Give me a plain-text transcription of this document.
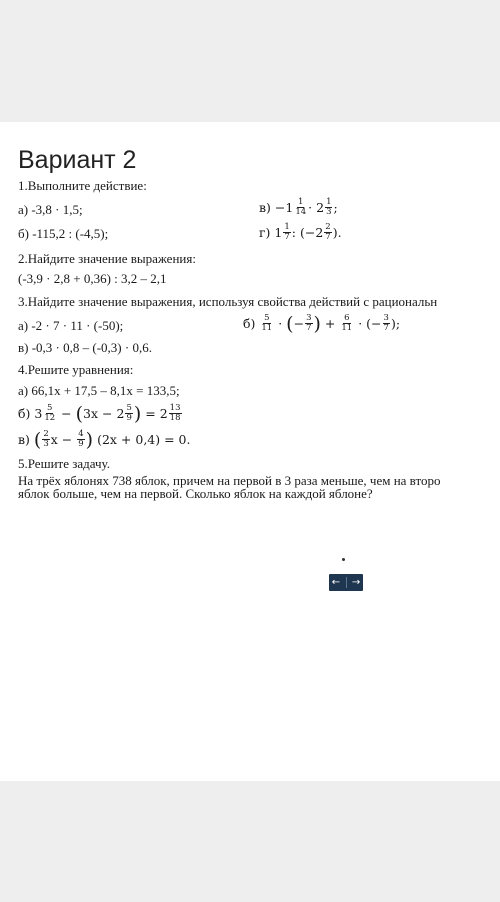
Вариант 2
1.Выполните действие:
а) -3,8 · 1,5;
б) -115,2 : (-4,5);
$в) -1 \frac{1}{14} \cdot 2 \frac{1}{3}$ ;
г) $1 \frac{1}{7}$ : ($-2 \frac{2}{7}$ ).
2.Найдите значение выражения:
(-3,9 · 2,8 + 0,36) : 3,2 – 2,1
3.Найдите значение выражения, используя свойства действий с рациональн
а) -2 · 7 · 11 · (-50);	б)
$\frac{5}{11}$
·
( − $\frac{3}{7}$ )
+
$\frac{6}{11}$
·
(− $\frac{3}{7}$ );
в) -0,3 · 0,8 – (-0,3) · 0,6.
4.Решите уравнения:
а) 66,1x + 17,5 – 8,1x = 133,5;
б) $3 \frac{5}{12}$
−
( $3x - 2 \frac{5}{9}$ )
= $2 \frac{13}{18}$
в)
( $\frac{2}{3}$ x −
$\frac{4}{9}$ )
(2x + 0,4) = 0.
5.Решите задачу.
На трёх яблонях 738 яблок, причем на первой в 3 раза меньше, чем на второ
яблок больше, чем на первой. Сколько яблок на каждой яблоне?
← →
